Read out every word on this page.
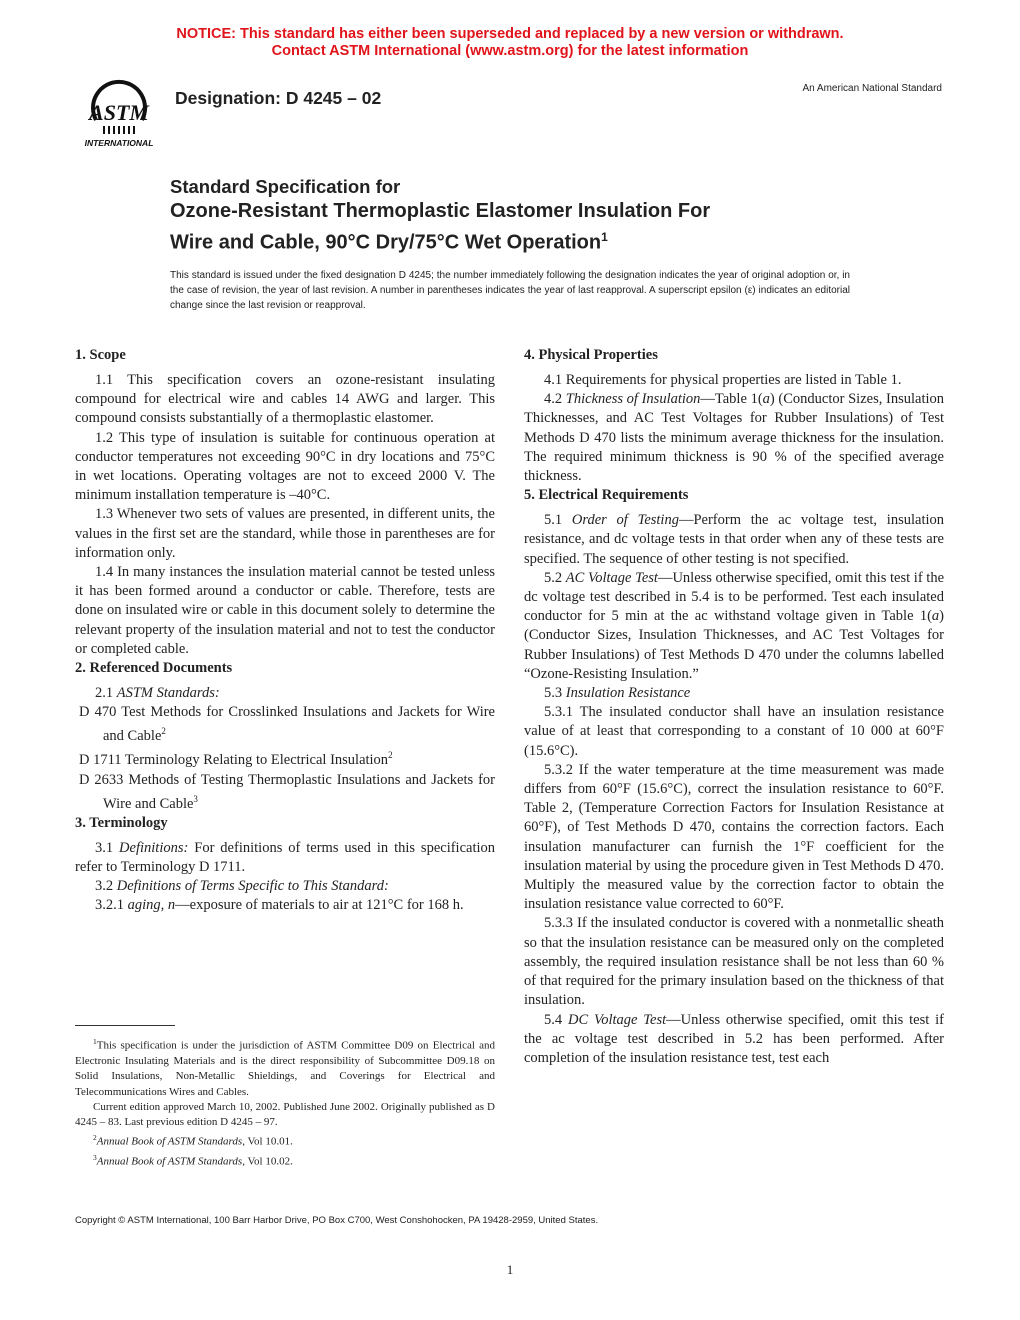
NOTICE: This standard has either been superseded and replaced by a new version or withdrawn.
Contact ASTM International (www.astm.org) for the latest information
ASTM
INTERNATIONAL
Designation: D 4245 – 02	An American National Standard
Standard Specification for
Ozone-Resistant Thermoplastic Elastomer Insulation For
Wire and Cable, 90°C Dry/75°C Wet Operation$^1$
This standard is issued under the fixed designation D 4245; the number immediately following the designation indicates the year of original adoption or, in the case of revision, the year of last revision. A number in parentheses indicates the year of last reapproval. A superscript epsilon (ε) indicates an editorial change since the last revision or reapproval.
1. Scope

1.1 This specification covers an ozone-resistant insulating compound for electrical wire and cables 14 AWG and larger. This compound consists substantially of a thermoplastic elastomer.

1.2 This type of insulation is suitable for continuous operation at conductor temperatures not exceeding 90°C in dry locations and 75°C in wet locations. Operating voltages are not to exceed 2000 V. The minimum installation temperature is –40°C.

1.3 Whenever two sets of values are presented, in different units, the values in the first set are the standard, while those in parentheses are for information only.

1.4 In many instances the insulation material cannot be tested unless it has been formed around a conductor or cable. Therefore, tests are done on insulated wire or cable in this document solely to determine the relevant property of the insulation material and not to test the conductor or completed cable.

2. Referenced Documents

2.1 ASTM Standards:

D 470 Test Methods for Crosslinked Insulations and Jackets for Wire and Cable$^2$

D 1711 Terminology Relating to Electrical Insulation$^2$

D 2633 Methods of Testing Thermoplastic Insulations and Jackets for Wire and Cable$^3$

3. Terminology

3.1 Definitions: For definitions of terms used in this specification refer to Terminology D 1711.

3.2 Definitions of Terms Specific to This Standard:

3.2.1 aging, n—exposure of materials to air at 121°C for 168 h.

4. Physical Properties

4.1 Requirements for physical properties are listed in Table 1.

4.2 Thickness of Insulation—Table 1(a) (Conductor Sizes, Insulation Thicknesses, and AC Test Voltages for Rubber Insulations) of Test Methods D 470 lists the minimum average thickness for the insulation. The required minimum thickness is 90 % of the specified average thickness.

5. Electrical Requirements

5.1 Order of Testing—Perform the ac voltage test, insulation resistance, and dc voltage tests in that order when any of these tests are specified. The sequence of other testing is not specified.

5.2 AC Voltage Test—Unless otherwise specified, omit this test if the dc voltage test described in 5.4 is to be performed. Test each insulated conductor for 5 min at the ac withstand voltage given in Table 1(a) (Conductor Sizes, Insulation Thicknesses, and AC Test Voltages for Rubber Insulations) of Test Methods D 470 under the columns labelled “Ozone-Resisting Insulation.”

5.3 Insulation Resistance

5.3.1 The insulated conductor shall have an insulation resistance value of at least that corresponding to a constant of 10 000 at 60°F (15.6°C).

5.3.2 If the water temperature at the time measurement was made differs from 60°F (15.6°C), correct the insulation resistance to 60°F. Table 2, (Temperature Correction Factors for Insulation Resistance at 60°F), of Test Methods D 470, contains the correction factors. Each insulation manufacturer can furnish the 1°F coefficient for the insulation material by using the procedure given in Test Methods D 470. Multiply the measured value by the correction factor to obtain the insulation resistance value corrected to 60°F.

5.3.3 If the insulated conductor is covered with a nonmetallic sheath so that the insulation resistance can be measured only on the completed assembly, the required insulation resistance shall be not less than 60 % of that required for the primary insulation based on the thickness of that insulation.

5.4 DC Voltage Test—Unless otherwise specified, omit this test if the ac voltage test described in 5.2 has been performed. After completion of the insulation resistance test, test each

$^1$This specification is under the jurisdiction of ASTM Committee D09 on Electrical and Electronic Insulating Materials and is the direct responsibility of Subcommittee D09.18 on Solid Insulations, Non-Metallic Shieldings, and Coverings for Electrical and Telecommunications Wires and Cables.

Current edition approved March 10, 2002. Published June 2002. Originally published as D 4245 – 83. Last previous edition D 4245 – 97.

$^2$Annual Book of ASTM Standards, Vol 10.01.

$^3$Annual Book of ASTM Standards, Vol 10.02.

Copyright © ASTM International, 100 Barr Harbor Drive, PO Box C700, West Conshohocken, PA 19428-2959, United States.
1
